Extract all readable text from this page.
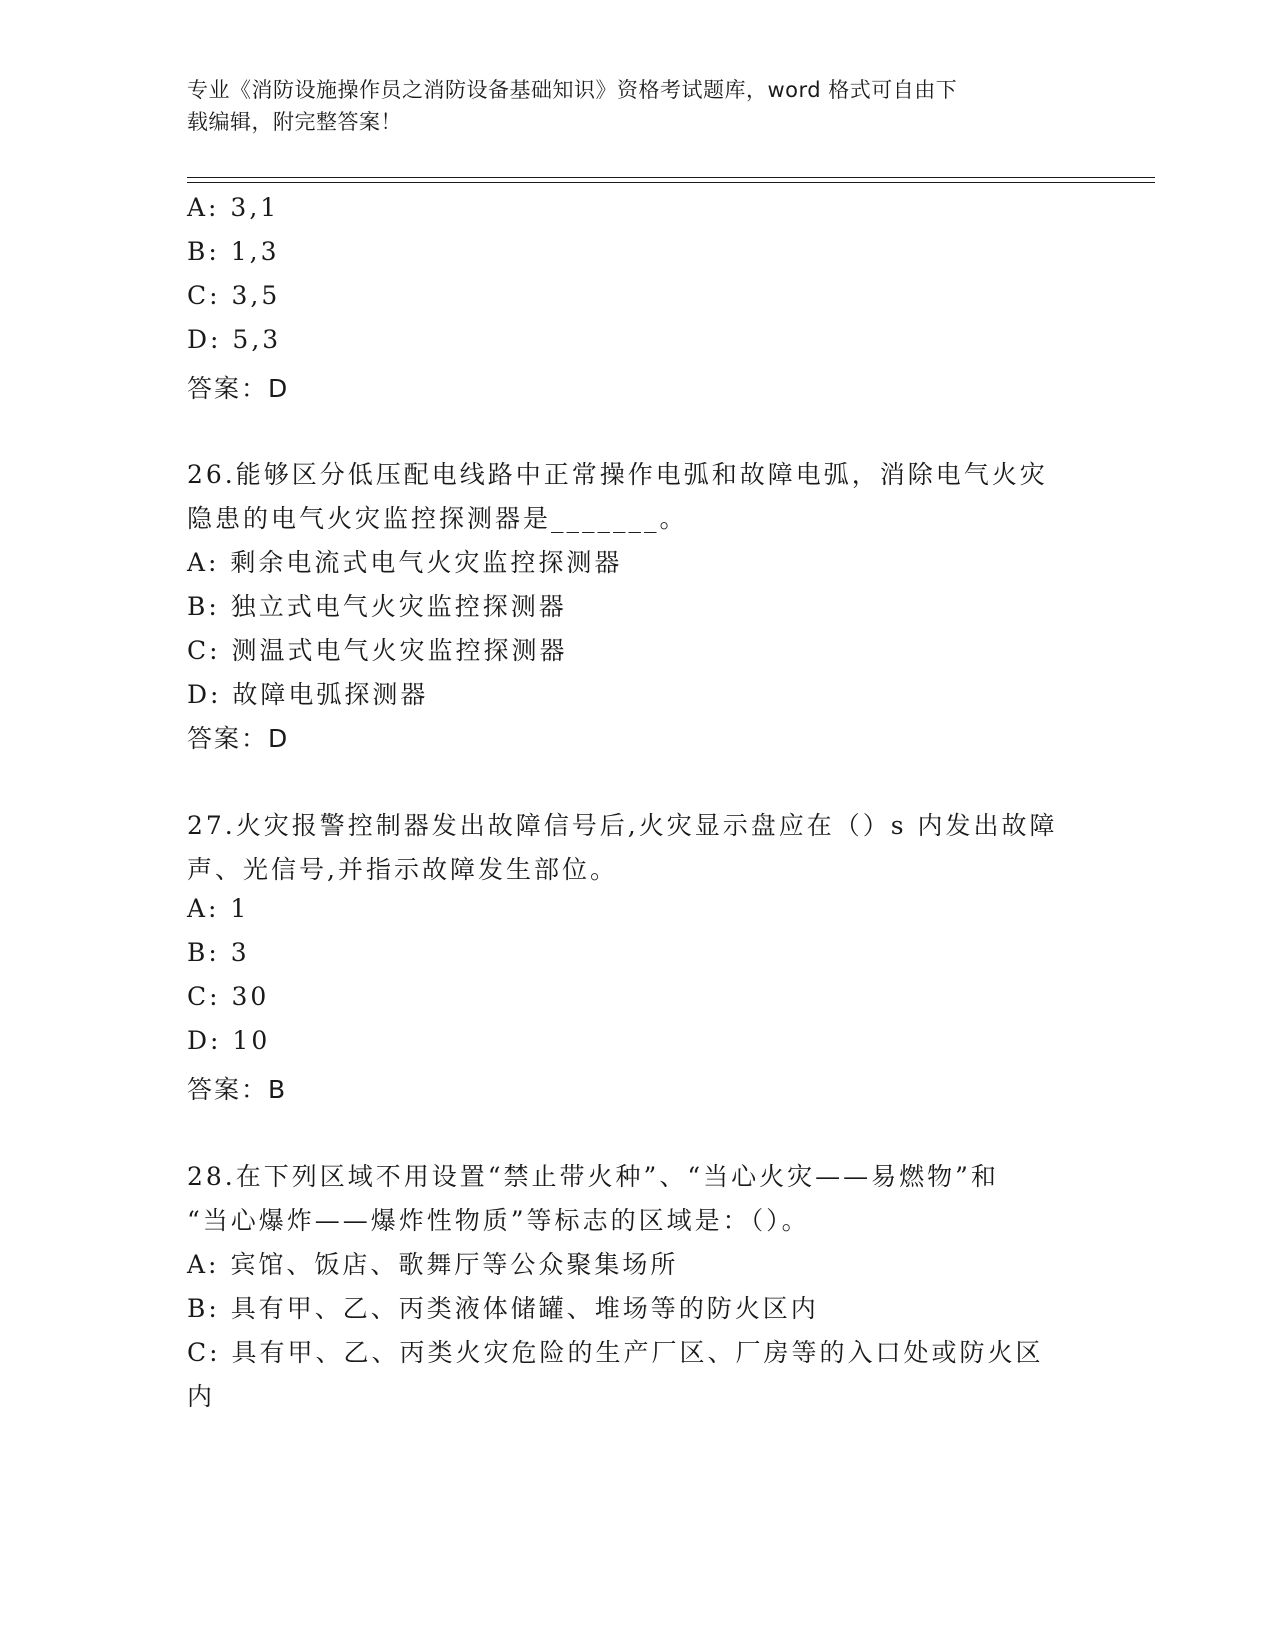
专业《消防设施操作员之消防设备基础知识》资格考试题库，word 格式可自由下
载编辑，附完整答案！
A: 3,1
B: 1,3
C: 3,5
D: 5,3
答案：D
26.能够区分低压配电线路中正常操作电弧和故障电弧，消除电气火灾
隐患的电气火灾监控探测器是_______。
A: 剩余电流式电气火灾监控探测器
B: 独立式电气火灾监控探测器
C: 测温式电气火灾监控探测器
D: 故障电弧探测器
答案：D
27.火灾报警控制器发出故障信号后,火灾显示盘应在（）s 内发出故障
声、光信号,并指示故障发生部位。
A: 1
B: 3
C: 30
D: 10
答案：B
28.在下列区域不用设置“禁止带火种”、“当心火灾——易燃物”和
“当心爆炸——爆炸性物质”等标志的区域是：（）。
A: 宾馆、饭店、歌舞厅等公众聚集场所
B: 具有甲、乙、丙类液体储罐、堆场等的防火区内
C: 具有甲、乙、丙类火灾危险的生产厂区、厂房等的入口处或防火区
内
